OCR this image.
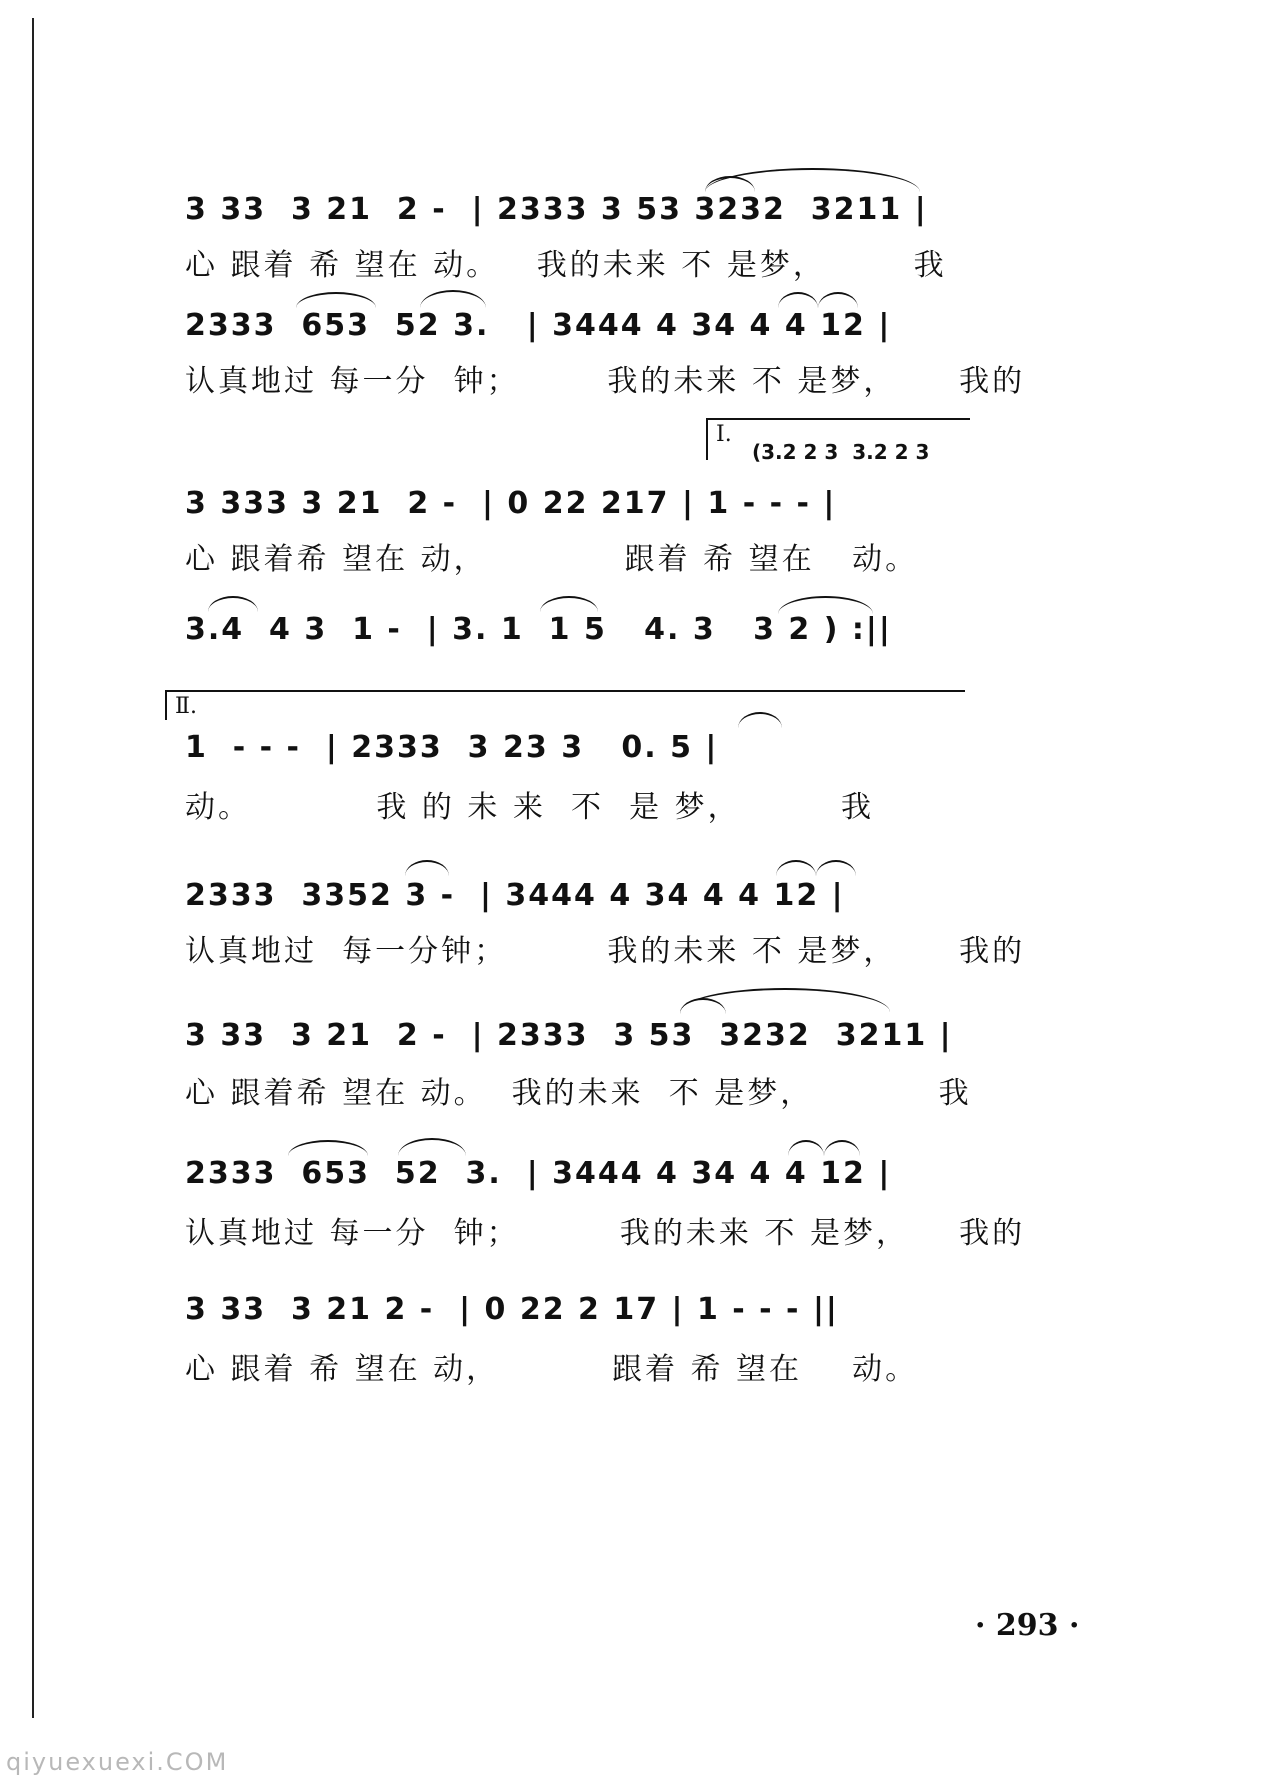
3 33  3 21  2 -  | 2333 3 53 3232  3211 |
心 跟着 希 望在 动。   我的未来 不 是梦，       我
2333  653  52 3.   | 3444 4 34 4 4 12 |
认真地过 每一分  钟；       我的未来 不 是梦，     我的
Ⅰ.
(3.2 2 3  3.2 2 3
3 333 3 21  2 -  | 0 22 217 | 1 - - - |
心 跟着希 望在 动，           跟着 希 望在   动。
3.4  4 3  1 -  | 3. 1  1 5   4. 3   3 2 ) :||
Ⅱ.
1  - - -  | 2333  3 23 3   0. 5 |
动。          我 的 未 来  不  是 梦，        我
2333  3352 3 -  | 3444 4 34 4 4 12 |
认真地过  每一分钟；        我的未来 不 是梦，     我的
3 33  3 21  2 -  | 2333  3 53  3232  3211 |
心 跟着希 望在 动。  我的未来  不 是梦，          我
2333  653  52  3.  | 3444 4 34 4 4 12 |
认真地过 每一分  钟；        我的未来 不 是梦，    我的
3 33  3 21 2 -  | 0 22 2 17 | 1 - - - ||
心 跟着 希 望在 动，         跟着 希 望在    动。
· 293 ·
qiyuexuexi.COM
